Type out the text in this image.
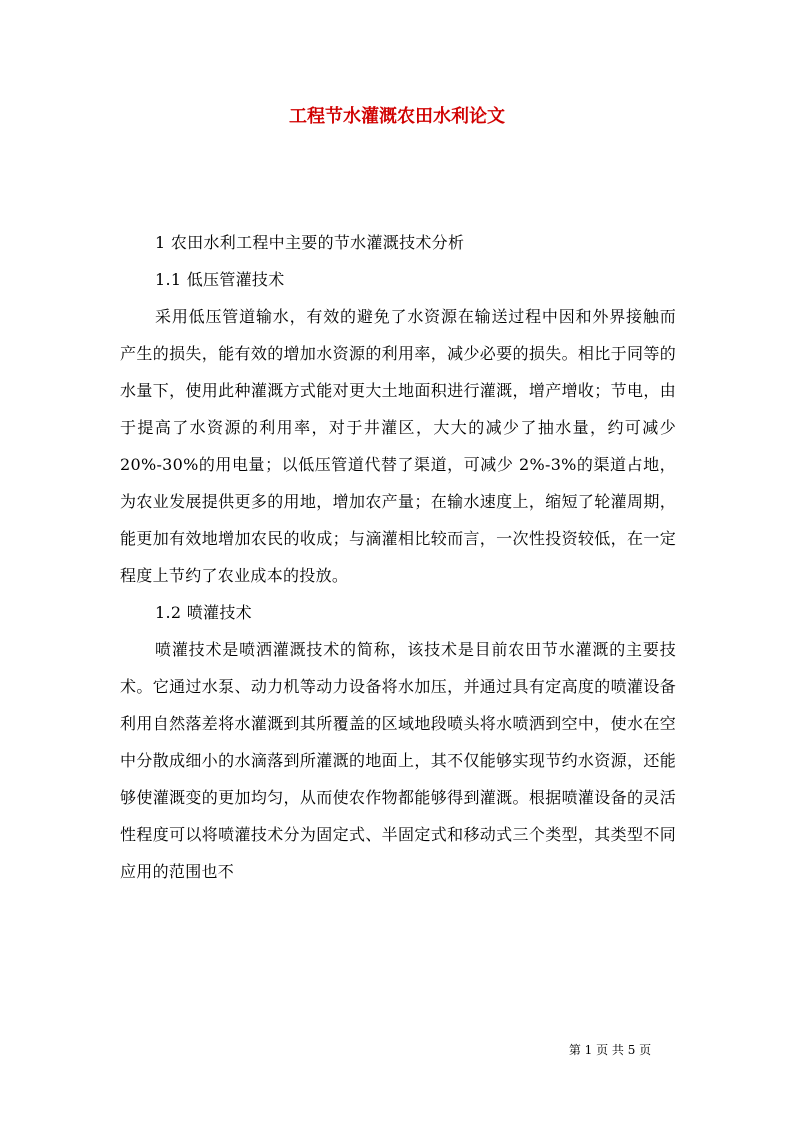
工程节水灌溉农田水利论文

1 农田水利工程中主要的节水灌溉技术分析

1.1 低压管灌技术

采用低压管道输水，有效的避免了水资源在输送过程中因和外界接触而产生的损失，能有效的增加水资源的利用率，减少必要的损失。相比于同等的水量下，使用此种灌溉方式能对更大土地面积进行灌溉，增产增收；节电，由于提高了水资源的利用率，对于井灌区，大大的减少了抽水量，约可减少 20%-30%的用电量；以低压管道代替了渠道，可减少 2%-3%的渠道占地，为农业发展提供更多的用地，增加农产量；在输水速度上，缩短了轮灌周期，能更加有效地增加农民的收成；与滴灌相比较而言，一次性投资较低，在一定程度上节约了农业成本的投放。

1.2 喷灌技术

喷灌技术是喷洒灌溉技术的简称，该技术是目前农田节水灌溉的主要技术。它通过水泵、动力机等动力设备将水加压，并通过具有定高度的喷灌设备利用自然落差将水灌溉到其所覆盖的区域地段喷头将水喷洒到空中，使水在空中分散成细小的水滴落到所灌溉的地面上，其不仅能够实现节约水资源，还能够使灌溉变的更加均匀，从而使农作物都能够得到灌溉。根据喷灌设备的灵活性程度可以将喷灌技术分为固定式、半固定式和移动式三个类型，其类型不同应用的范围也不

第 1 页 共 5 页
